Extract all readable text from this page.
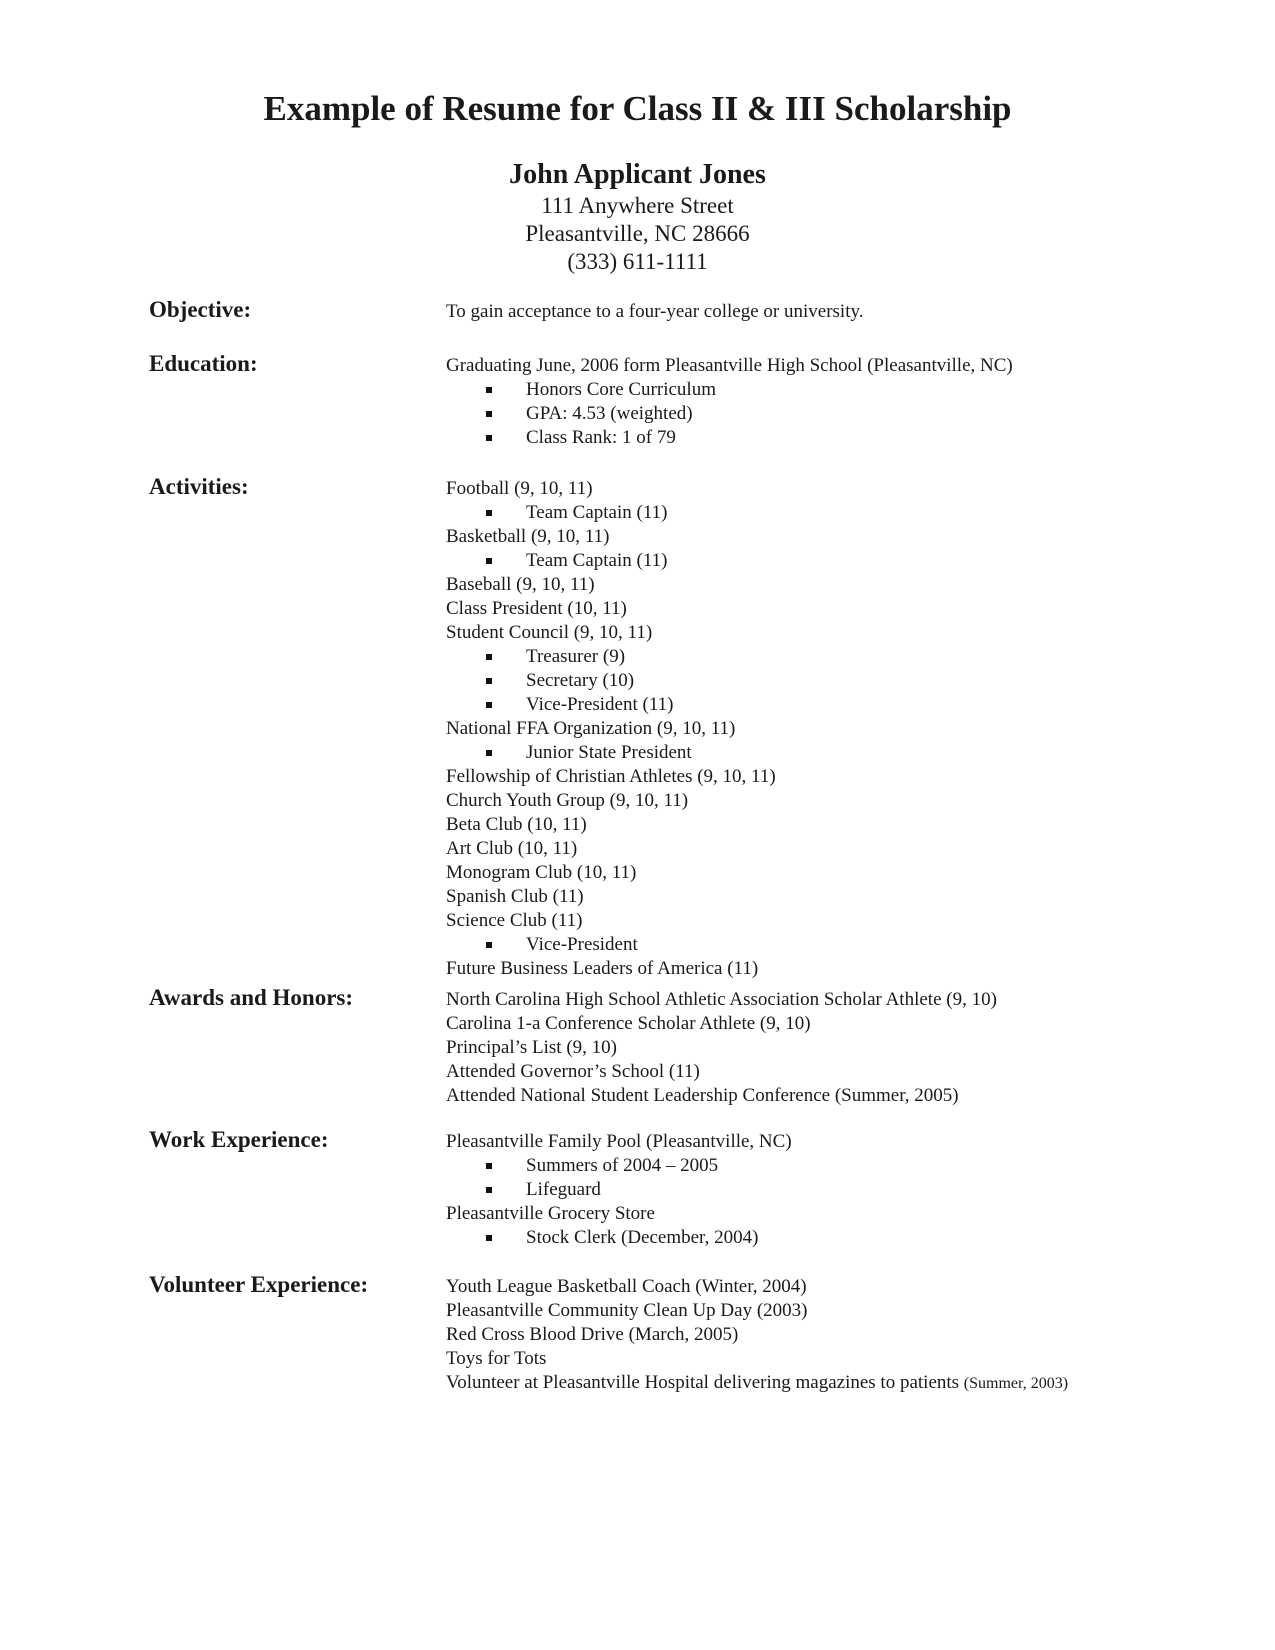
Example of Resume for Class II & III Scholarship
John Applicant Jones
111 Anywhere Street
Pleasantville, NC 28666
(333) 611-1111
Objective:	To gain acceptance to a four-year college or university.
Education:	Graduating June, 2006 form Pleasantville High School (Pleasantville, NC)
Honors Core Curriculum
GPA: 4.53 (weighted)
Class Rank: 1 of 79
Activities:	Football (9, 10, 11)
Team Captain (11)
Basketball (9, 10, 11)
Team Captain (11)
Baseball (9, 10, 11)
Class President (10, 11)
Student Council (9, 10, 11)
Treasurer (9)
Secretary (10)
Vice-President (11)
National FFA Organization (9, 10, 11)
Junior State President
Fellowship of Christian Athletes (9, 10, 11)
Church Youth Group (9, 10, 11)
Beta Club (10, 11)
Art Club (10, 11)
Monogram Club (10, 11)
Spanish Club (11)
Science Club (11)
Vice-President
Future Business Leaders of America (11)
Awards and Honors:	North Carolina High School Athletic Association Scholar Athlete (9, 10)
Carolina 1-a Conference Scholar Athlete (9, 10)
Principal’s List (9, 10)
Attended Governor’s School (11)
Attended National Student Leadership Conference (Summer, 2005)
Work Experience:	Pleasantville Family Pool (Pleasantville, NC)
Summers of 2004 – 2005
Lifeguard
Pleasantville Grocery Store
Stock Clerk (December, 2004)
Volunteer Experience:	Youth League Basketball Coach (Winter, 2004)
Pleasantville Community Clean Up Day (2003)
Red Cross Blood Drive (March, 2005)
Toys for Tots
Volunteer at Pleasantville Hospital delivering magazines to patients (Summer, 2003)
